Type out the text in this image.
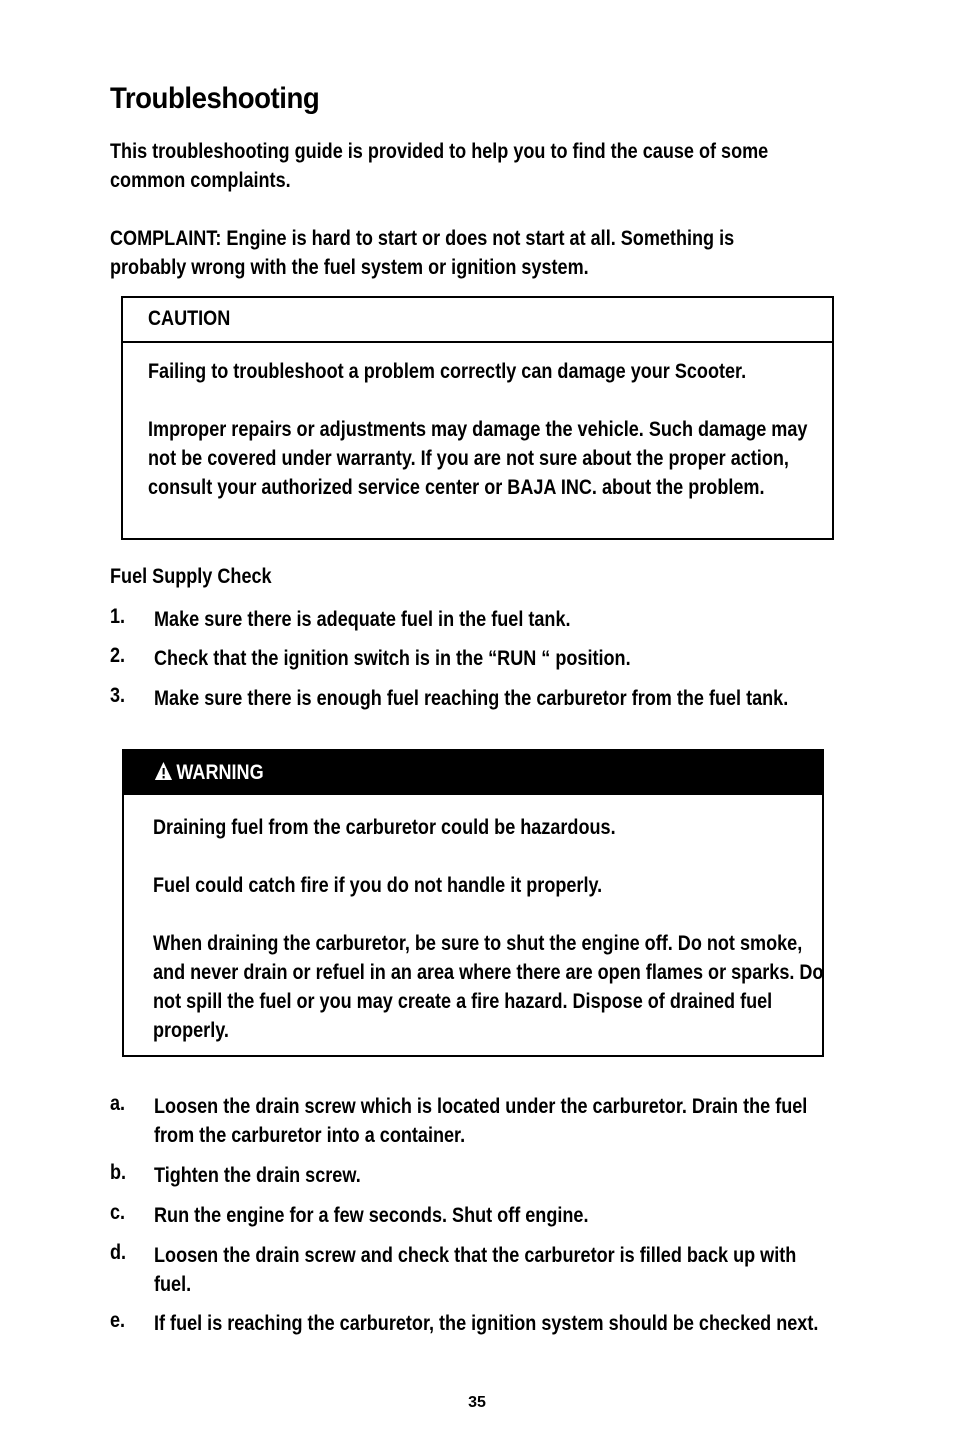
Troubleshooting
This troubleshooting guide is provided to help you to find the cause of some common complaints.
COMPLAINT: Engine is hard to start or does not start at all. Something is probably wrong with the fuel system or ignition system.
CAUTION
Failing to troubleshoot a problem correctly can damage your Scooter.
Improper repairs or adjustments may damage the vehicle. Such damage may not be covered under warranty. If you are not sure about the proper action, consult your authorized service center or BAJA INC. about the problem.
Fuel Supply Check
1. Make sure there is adequate fuel in the fuel tank.
2. Check that the ignition switch is in the “RUN “ position.
3. Make sure there is enough fuel reaching the carburetor from the fuel tank.
WARNING
Draining fuel from the carburetor could be hazardous.
Fuel could catch fire if you do not handle it properly.
When draining the carburetor, be sure to shut the engine off. Do not smoke, and never drain or refuel in an area where there are open flames or sparks. Do not spill the fuel or you may create a fire hazard. Dispose of drained fuel properly.
a. Loosen the drain screw which is located under the carburetor. Drain the fuel from the carburetor into a container.
b. Tighten the drain screw.
c. Run the engine for a few seconds. Shut off engine.
d. Loosen the drain screw and check that the carburetor is filled back up with fuel.
e. If fuel is reaching the carburetor, the ignition system should be checked next.
35
